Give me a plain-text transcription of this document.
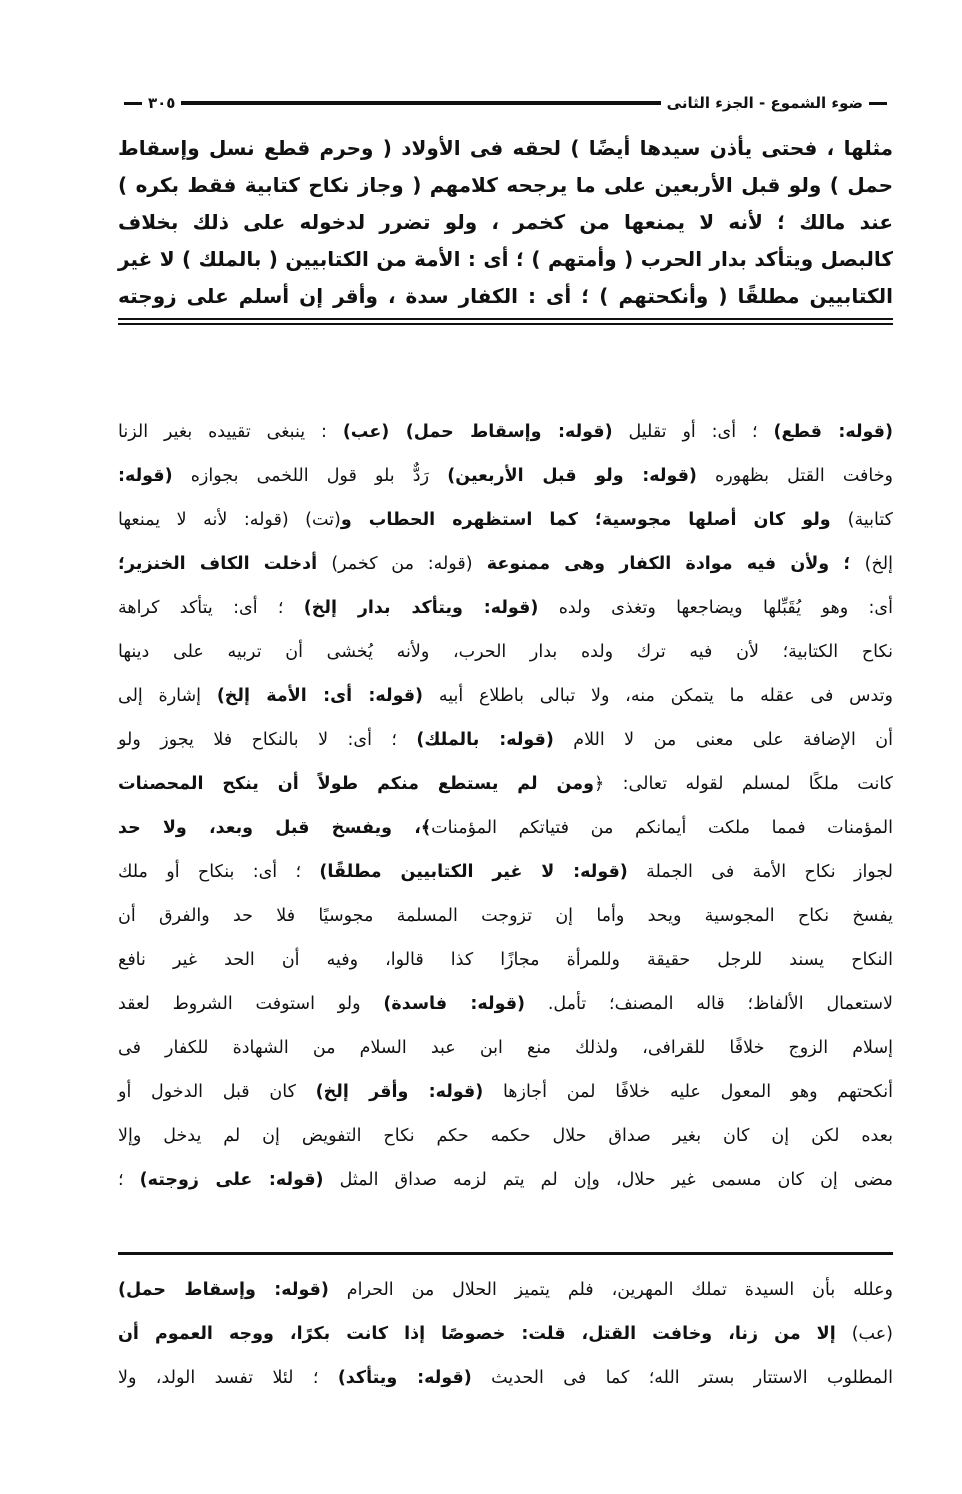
ضوء الشموع - الجزء الثانى
٣٠٥
مثلها ، فحتى يأذن سيدها أيضًا ) لحقه فى الأولاد ( وحرم قطع نسل وإسقاط
حمل ) ولو قبل الأربعين على ما يرجحه كلامهم ( وجاز نكاح كتابية فقط بكره )
عند مالك ؛ لأنه لا يمنعها من كخمر ، ولو تضرر لدخوله على ذلك بخلاف
كالبصل ويتأكد بدار الحرب ( وأمتهم ) ؛ أى : الأمة من الكتابيين ( بالملك ) لا غير
الكتابيين مطلقًا ( وأنكحتهم ) ؛ أى : الكفار سدة ، وأقر إن أسلم على زوجته
(قوله: قطع) ؛ أى: أو تقليل (قوله: وإسقاط حمل) (عب) : ينبغى تقييده بغير الزنا
وخافت القتل بظهوره (قوله: ولو قبل الأربعين) رَدٌّ بلو قول اللخمى بجوازه (قوله:
كتابية) ولو كان أصلها مجوسية؛ كما استظهره الحطاب و(تت) (قوله: لأنه لا يمنعها
إلخ) ؛ ولأن فيه موادة الكفار وهى ممنوعة (قوله: من كخمر) أدخلت الكاف الخنزير؛
أى: وهو يُقَبِّلها ويضاجعها وتغذى ولده (قوله: ويتأكد بدار إلخ) ؛ أى: يتأكد كراهة
نكاح الكتابية؛ لأن فيه ترك ولده بدار الحرب، ولأنه يُخشى أن تربيه على دينها
وتدس فى عقله ما يتمكن منه، ولا تبالى باطلاع أبيه (قوله: أى: الأمة إلخ) إشارة إلى
أن الإضافة على معنى من لا اللام (قوله: بالملك) ؛ أى: لا بالنكاح فلا يجوز ولو
كانت ملكًا لمسلم لقوله تعالى: ﴿ومن لم يستطع منكم طولاً أن ينكح المحصنات
المؤمنات فمما ملكت أيمانكم من فتياتكم المؤمنات﴾، ويفسخ قبل وبعد، ولا حد
لجواز نكاح الأمة فى الجملة (قوله: لا غير الكتابيين مطلقًا) ؛ أى: بنكاح أو ملك
يفسخ نكاح المجوسية ويحد وأما إن تزوجت المسلمة مجوسيًا فلا حد والفرق أن
النكاح يسند للرجل حقيقة وللمرأة مجازًا كذا قالوا، وفيه أن الحد غير نافع
لاستعمال الألفاظ؛ قاله المصنف؛ تأمل. (قوله: فاسدة) ولو استوفت الشروط لعقد
إسلام الزوج خلافًا للقرافى، ولذلك منع ابن عبد السلام من الشهادة للكفار فى
أنكحتهم وهو المعول عليه خلافًا لمن أجازها (قوله: وأقر إلخ) كان قبل الدخول أو
بعده لكن إن كان بغير صداق حلال حكمه حكم نكاح التفويض إن لم يدخل وإلا
مضى إن كان مسمى غير حلال، وإن لم يتم لزمه صداق المثل (قوله: على زوجته) ؛
وعلله بأن السيدة تملك المهرين، فلم يتميز الحلال من الحرام (قوله: وإسقاط حمل)
(عب) إلا من زنا، وخافت القتل، قلت: خصوصًا إذا كانت بكرًا، ووجه العموم أن
المطلوب الاستتار بستر الله؛ كما فى الحديث (قوله: ويتأكد) ؛ لئلا تفسد الولد، ولا
